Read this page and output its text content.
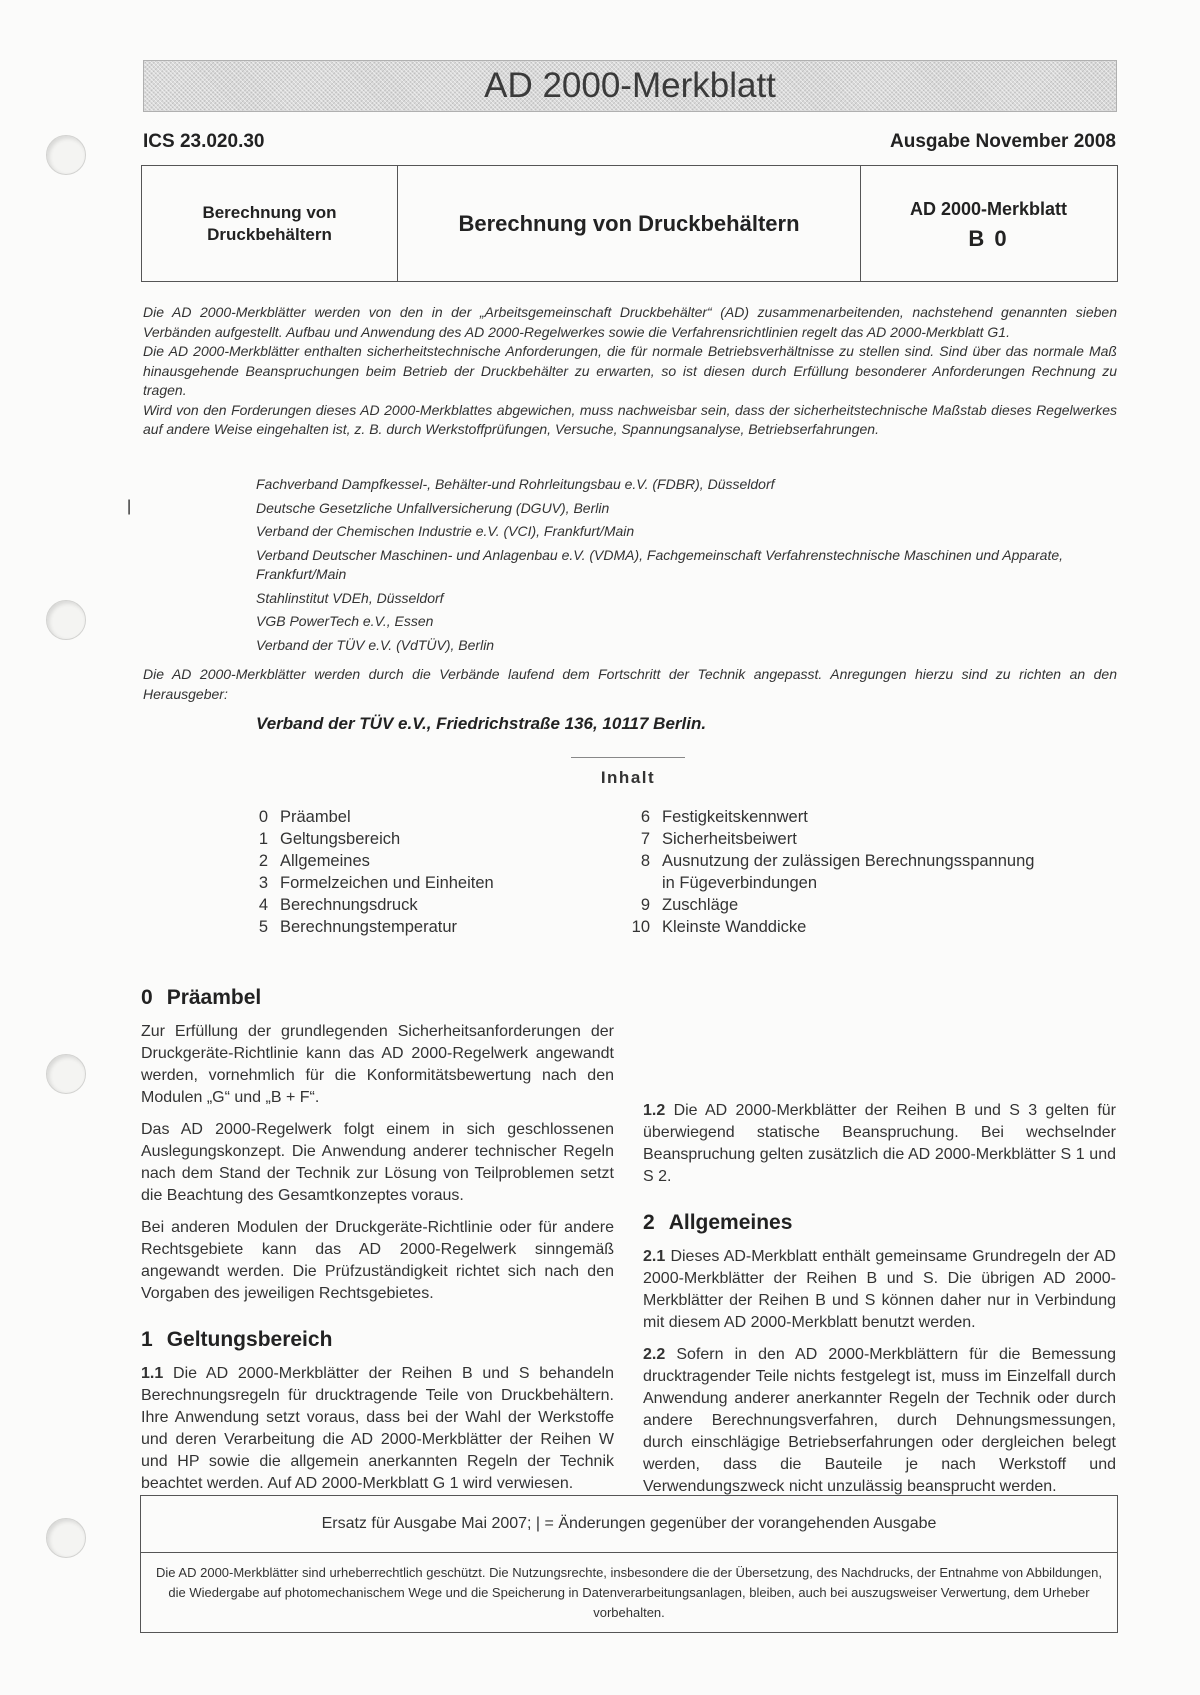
AD 2000-Merkblatt
ICS 23.020.30	Ausgabe November 2008
Berechnung von
Druckbehältern	Berechnung von Druckbehältern
AD 2000-Merkblatt
B 0

Die AD 2000-Merkblätter werden von den in der „Arbeitsgemeinschaft Druckbehälter“ (AD) zusammenarbeitenden, nachstehend genannten sieben Verbänden aufgestellt. Aufbau und Anwendung des AD 2000-Regelwerkes sowie die Verfahrensrichtlinien regelt das AD 2000-Merkblatt G1.

Die AD 2000-Merkblätter enthalten sicherheitstechnische Anforderungen, die für normale Betriebsverhältnisse zu stellen sind. Sind über das normale Maß hinausgehende Beanspruchungen beim Betrieb der Druckbehälter zu erwarten, so ist diesen durch Erfüllung besonderer Anforderungen Rechnung zu tragen.

Wird von den Forderungen dieses AD 2000-Merkblattes abgewichen, muss nachweisbar sein, dass der sicherheitstechnische Maßstab dieses Regelwerkes auf andere Weise eingehalten ist, z. B. durch Werkstoffprüfungen, Versuche, Spannungsanalyse, Betriebserfahrungen.

|
Fachverband Dampfkessel-, Behälter-und Rohrleitungsbau e.V. (FDBR), Düsseldorf
Deutsche Gesetzliche Unfallversicherung (DGUV), Berlin
Verband der Chemischen Industrie e.V. (VCI), Frankfurt/Main
Verband Deutscher Maschinen- und Anlagenbau e.V. (VDMA), Fachgemeinschaft Verfahrenstechnische Maschinen und Apparate, Frankfurt/Main
Stahlinstitut VDEh, Düsseldorf
VGB PowerTech e.V., Essen
Verband der TÜV e.V. (VdTÜV), Berlin

Die AD 2000-Merkblätter werden durch die Verbände laufend dem Fortschritt der Technik angepasst. Anregungen hierzu sind zu richten an den Herausgeber:

Verband der TÜV e.V., Friedrichstraße 136, 10117 Berlin.
Inhalt
0 Präambel
1 Geltungsbereich
2 Allgemeines
3 Formelzeichen und Einheiten
4 Berechnungsdruck
5 Berechnungstemperatur
6 Festigkeitskennwert
7 Sicherheitsbeiwert
8 Ausnutzung der zulässigen Berechnungsspannung
in Fügeverbindungen
9 Zuschläge
10 Kleinste Wanddicke
0 Präambel

Zur Erfüllung der grundlegenden Sicherheitsanforderungen der Druckgeräte-Richtlinie kann das AD 2000-Regelwerk angewandt werden, vornehmlich für die Konformitätsbewertung nach den Modulen „G“ und „B + F“.

Das AD 2000-Regelwerk folgt einem in sich geschlossenen Auslegungskonzept. Die Anwendung anderer technischer Regeln nach dem Stand der Technik zur Lösung von Teilproblemen setzt die Beachtung des Gesamtkonzeptes voraus.

Bei anderen Modulen der Druckgeräte-Richtlinie oder für andere Rechtsgebiete kann das AD 2000-Regelwerk sinngemäß angewandt werden. Die Prüfzuständigkeit richtet sich nach den Vorgaben des jeweiligen Rechtsgebietes.

1 Geltungsbereich

1.1 Die AD 2000-Merkblätter der Reihen B und S behandeln Berechnungsregeln für drucktragende Teile von Druckbehältern. Ihre Anwendung setzt voraus, dass bei der Wahl der Werkstoffe und deren Verarbeitung die AD 2000-Merkblätter der Reihen W und HP sowie die allgemein anerkannten Regeln der Technik beachtet werden. Auf AD 2000-Merkblatt G 1 wird verwiesen.

1.2 Die AD 2000-Merkblätter der Reihen B und S 3 gelten für überwiegend statische Beanspruchung. Bei wechselnder Beanspruchung gelten zusätzlich die AD 2000-Merkblätter S 1 und S 2.

2 Allgemeines

2.1 Dieses AD-Merkblatt enthält gemeinsame Grundregeln der AD 2000-Merkblätter der Reihen B und S. Die übrigen AD 2000-Merkblätter der Reihen B und S können daher nur in Verbindung mit diesem AD 2000-Merkblatt benutzt werden.

2.2 Sofern in den AD 2000-Merkblättern für die Bemessung drucktragender Teile nichts festgelegt ist, muss im Einzelfall durch Anwendung anderer anerkannter Regeln der Technik oder durch andere Berechnungsverfahren, durch Dehnungsmessungen, durch einschlägige Betriebserfahrungen oder dergleichen belegt werden, dass die Bauteile je nach Werkstoff und Verwendungszweck nicht unzulässig beansprucht werden.

Ersatz für Ausgabe Mai 2007; | = Änderungen gegenüber der vorangehenden Ausgabe
Die AD 2000-Merkblätter sind urheberrechtlich geschützt. Die Nutzungsrechte, insbesondere die der Übersetzung, des Nachdrucks, der Entnahme von Abbildungen, die Wiedergabe auf photomechanischem Wege und die Speicherung in Datenverarbeitungsanlagen, bleiben, auch bei auszugsweiser Verwertung, dem Urheber vorbehalten.
